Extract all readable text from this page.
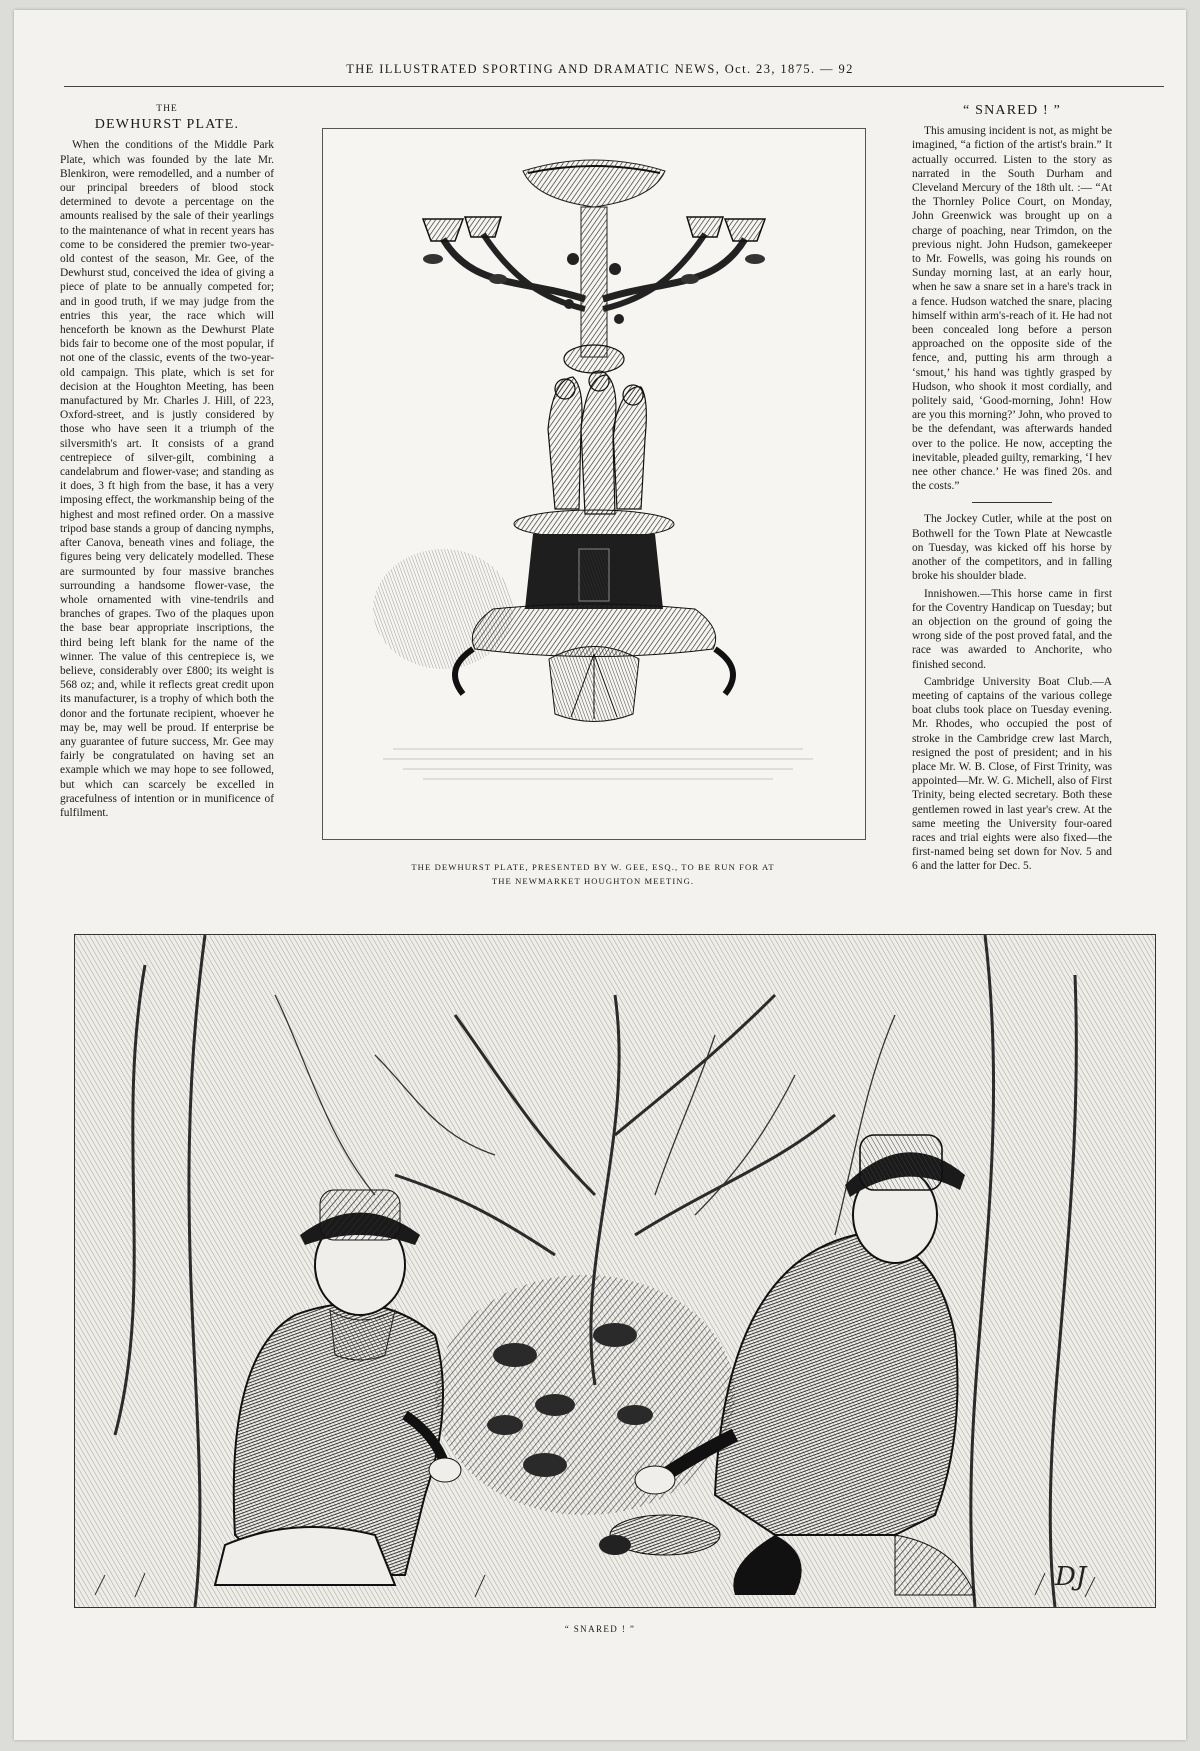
THE ILLUSTRATED SPORTING AND DRAMATIC NEWS, Oct. 23, 1875. — 92

THE

DEWHURST PLATE.

When the conditions of the Middle Park Plate, which was founded by the late Mr. Blenkiron, were remodelled, and a number of our principal breeders of blood stock determined to devote a percentage on the amounts realised by the sale of their yearlings to the maintenance of what in recent years has come to be considered the premier two-year-old contest of the season, Mr. Gee, of the Dewhurst stud, conceived the idea of giving a piece of plate to be annually competed for; and in good truth, if we may judge from the entries this year, the race which will henceforth be known as the Dewhurst Plate bids fair to become one of the most popular, if not one of the classic, events of the two-year-old campaign. This plate, which is set for decision at the Houghton Meeting, has been manufactured by Mr. Charles J. Hill, of 223, Oxford-street, and is justly considered by those who have seen it a triumph of the silversmith's art. It consists of a grand centrepiece of silver-gilt, combining a candelabrum and flower-vase; and standing as it does, 3 ft high from the base, it has a very imposing effect, the workmanship being of the highest and most refined order. On a massive tripod base stands a group of dancing nymphs, after Canova, beneath vines and foliage, the figures being very delicately modelled. These are surmounted by four massive branches surrounding a handsome flower-vase, the whole ornamented with vine-tendrils and branches of grapes. Two of the plaques upon the base bear appropriate inscriptions, the third being left blank for the name of the winner. The value of this centrepiece is, we believe, considerably over £800; its weight is 568 oz; and, while it reflects great credit upon its manufacturer, is a trophy of which both the donor and the fortunate recipient, whoever he may be, may well be proud. If enterprise be any guarantee of future success, Mr. Gee may fairly be congratulated on having set an example which we may hope to see followed, but which can scarcely be excelled in gracefulness of intention or in munificence of fulfilment.

THE DEWHURST PLATE, PRESENTED BY W. GEE, ESQ., TO BE RUN FOR AT
THE NEWMARKET HOUGHTON MEETING.

“ SNARED ! ”

This amusing incident is not, as might be imagined, “a fiction of the artist's brain.” It actually occurred. Listen to the story as narrated in the South Durham and Cleveland Mercury of the 18th ult. :— “At the Thornley Police Court, on Monday, John Greenwick was brought up on a charge of poaching, near Trimdon, on the previous night. John Hudson, gamekeeper to Mr. Fowells, was going his rounds on Sunday morning last, at an early hour, when he saw a snare set in a hare's track in a fence. Hudson watched the snare, placing himself within arm's-reach of it. He had not been concealed long before a person approached on the opposite side of the fence, and, putting his arm through a ‘smout,’ his hand was tightly grasped by Hudson, who shook it most cordially, and politely said, ‘Good-morning, John! How are you this morning?’ John, who proved to be the defendant, was afterwards handed over to the police. He now, accepting the inevitable, pleaded guilty, remarking, ‘I hev nee other chance.’ He was fined 20s. and the costs.”

The Jockey Cutler, while at the post on Bothwell for the Town Plate at Newcastle on Tuesday, was kicked off his horse by another of the competitors, and in falling broke his shoulder blade.

Innishowen.—This horse came in first for the Coventry Handicap on Tuesday; but an objection on the ground of going the wrong side of the post proved fatal, and the race was awarded to Anchorite, who finished second.

Cambridge University Boat Club.—A meeting of captains of the various college boat clubs took place on Tuesday evening. Mr. Rhodes, who occupied the post of stroke in the Cambridge crew last March, resigned the post of president; and in his place Mr. W. B. Close, of First Trinity, was appointed—Mr. W. G. Michell, also of First Trinity, being elected secretary. Both these gentlemen rowed in last year's crew. At the same meeting the University four-oared races and trial eights were also fixed—the first-named being set down for Nov. 5 and 6 and the latter for Dec. 5.

DJ
“ SNARED ! ”
